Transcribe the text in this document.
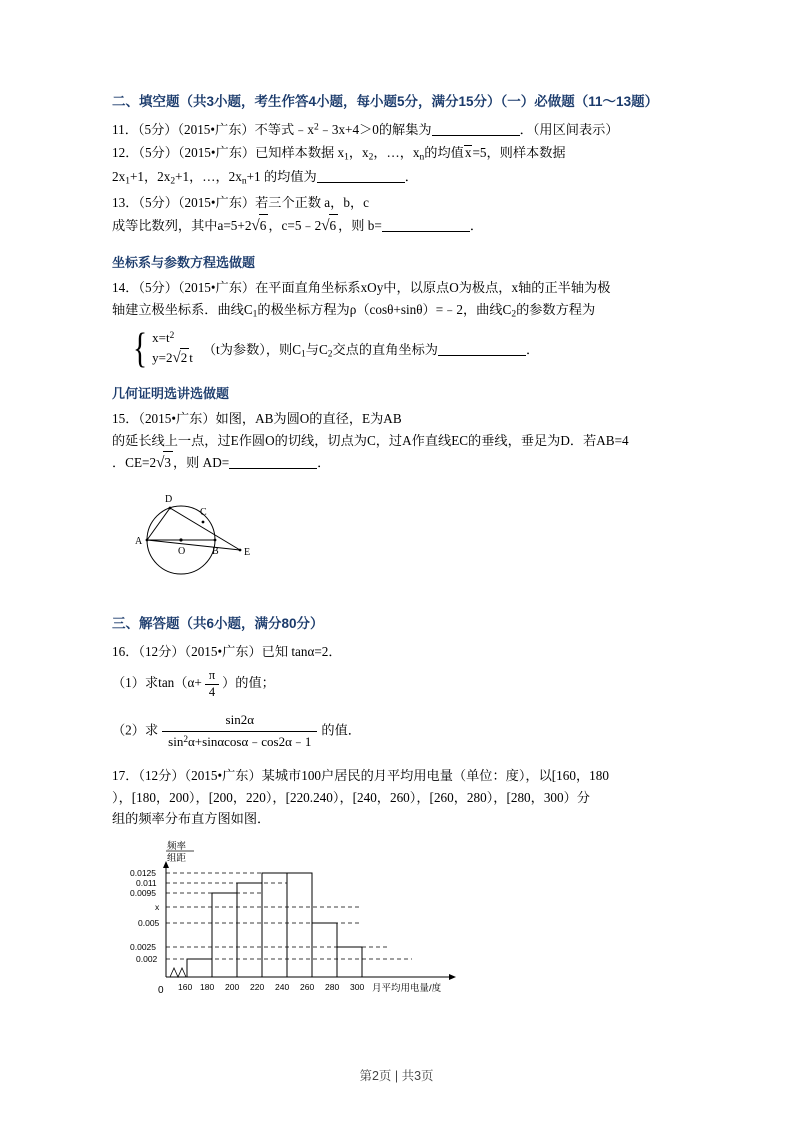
二、填空题（共3小题，考生作答4小题，每小题5分，满分15分）（一）必做题（11～13题）

11．（5分）（2015•广东）不等式$﹣x^2﹣3x+4>0$的解集为	．（用区间表示）

12．（5分）（2015•广东）已知样本数据 $x_1$，$x_2$，…，$x_n$的均值x=5，则样本数据
$2x_1+1$，$2x_2+1$，…，$2x_n+1$ 的均值为	．

13．（5分）（2015•广东）若三个正数 a，b，c
成等比数列，其中a=5+2√6 ，c=5﹣2√6 ，则 b=	．

坐标系与参数方程选做题

14．（5分）（2015•广东）在平面直角坐标系xOy中，以原点O为极点，x轴的正半轴为极
轴建立极坐标系．曲线$C_1$的极坐标方程为ρ（cosθ+sinθ）=﹣2，曲线$C_2$的参数方程为

{ $x=t^2$
y=2√2 t
（t为参数），则$C_1$与$C_2$交点的直角坐标为	．
几何证明选讲选做题

15．（2015•广东）如图，AB为圆O的直径，E为AB
的延长线上一点，过E作圆O的切线，切点为C，过A作直线EC的垂线，垂足为D．若AB=4
．CE=2√3 ，则 AD=	．

D
C
A
O	B	E
三、解答题（共6小题，满分80分）

16．（12分）（2015•广东）已知 tanα=2．

（1）求$\tan(\alpha+ \frac{\pi}{4}$ ）的值；

（2）求 $\frac{\sin 2\alpha}{\sin^2\alpha+\sin\alpha\cos\alpha﹣\cos 2\alpha﹣1}$ 的值．

17．（12分）（2015•广东）某城市100户居民的月平均用电量（单位：度），以[160，180
），[180，200），[200，220），[220.240），[240，260），[260，280），[280，300）分
组的频率分布直方图如图．

频率
组距
0.0125
0.011
0.0095
x
0.005
0.0025
0.002
0 160 180 200 220 240 260 280 300 月平均用电量/度
第2页 | 共3页
